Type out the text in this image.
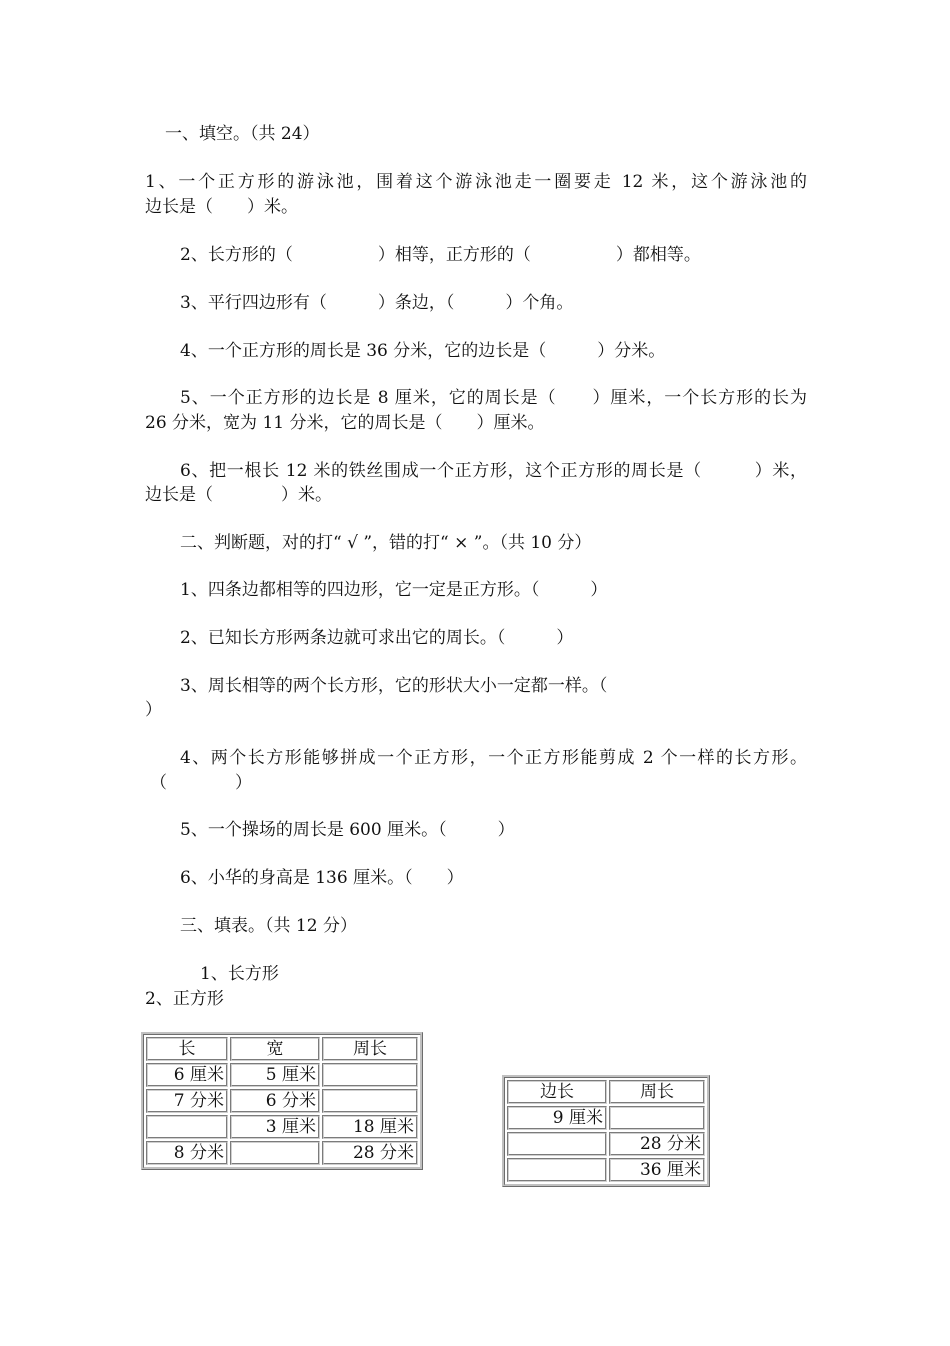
一、填空。（共 24）
1、一个正方形的游泳池，围着这个游泳池走一圈要走 12 米，这个游泳池的
边长是（　　）米。
2、长方形的（　　　　　）相等，正方形的（　　　　　）都相等。
3、平行四边形有（　　　）条边，（　　　）个角。
4、一个正方形的周长是 36 分米，它的边长是（　　　）分米。
5、一个正方形的边长是 8 厘米，它的周长是（　　）厘米，一个长方形的长为
26 分米，宽为 11 分米，它的周长是（　　）厘米。
6、把一根长 12 米的铁丝围成一个正方形，这个正方形的周长是（　　　）米，
边长是（　　　　）米。
二、判断题，对的打“ √ ”，错的打“ × ”。（共 10 分）
1、四条边都相等的四边形，它一定是正方形。（　　　）
2、已知长方形两条边就可求出它的周长。（　　　）
3、周长相等的两个长方形，它的形状大小一定都一样。（
）
4、两个长方形能够拼成一个正方形，一个正方形能剪成 2 个一样的长方形。
（　　　　）
5、一个操场的周长是 600 厘米。（　　　）
6、小华的身高是 136 厘米。（　　）
三、填表。（共 12 分）
1、长方形
2、正方形
长	宽	周长
6 厘米	5 厘米	
7 分米	6 分米	
	3 厘米	18 厘米
8 分米		28 分米
边长	周长
9 厘米	
	28 分米
	36 厘米
